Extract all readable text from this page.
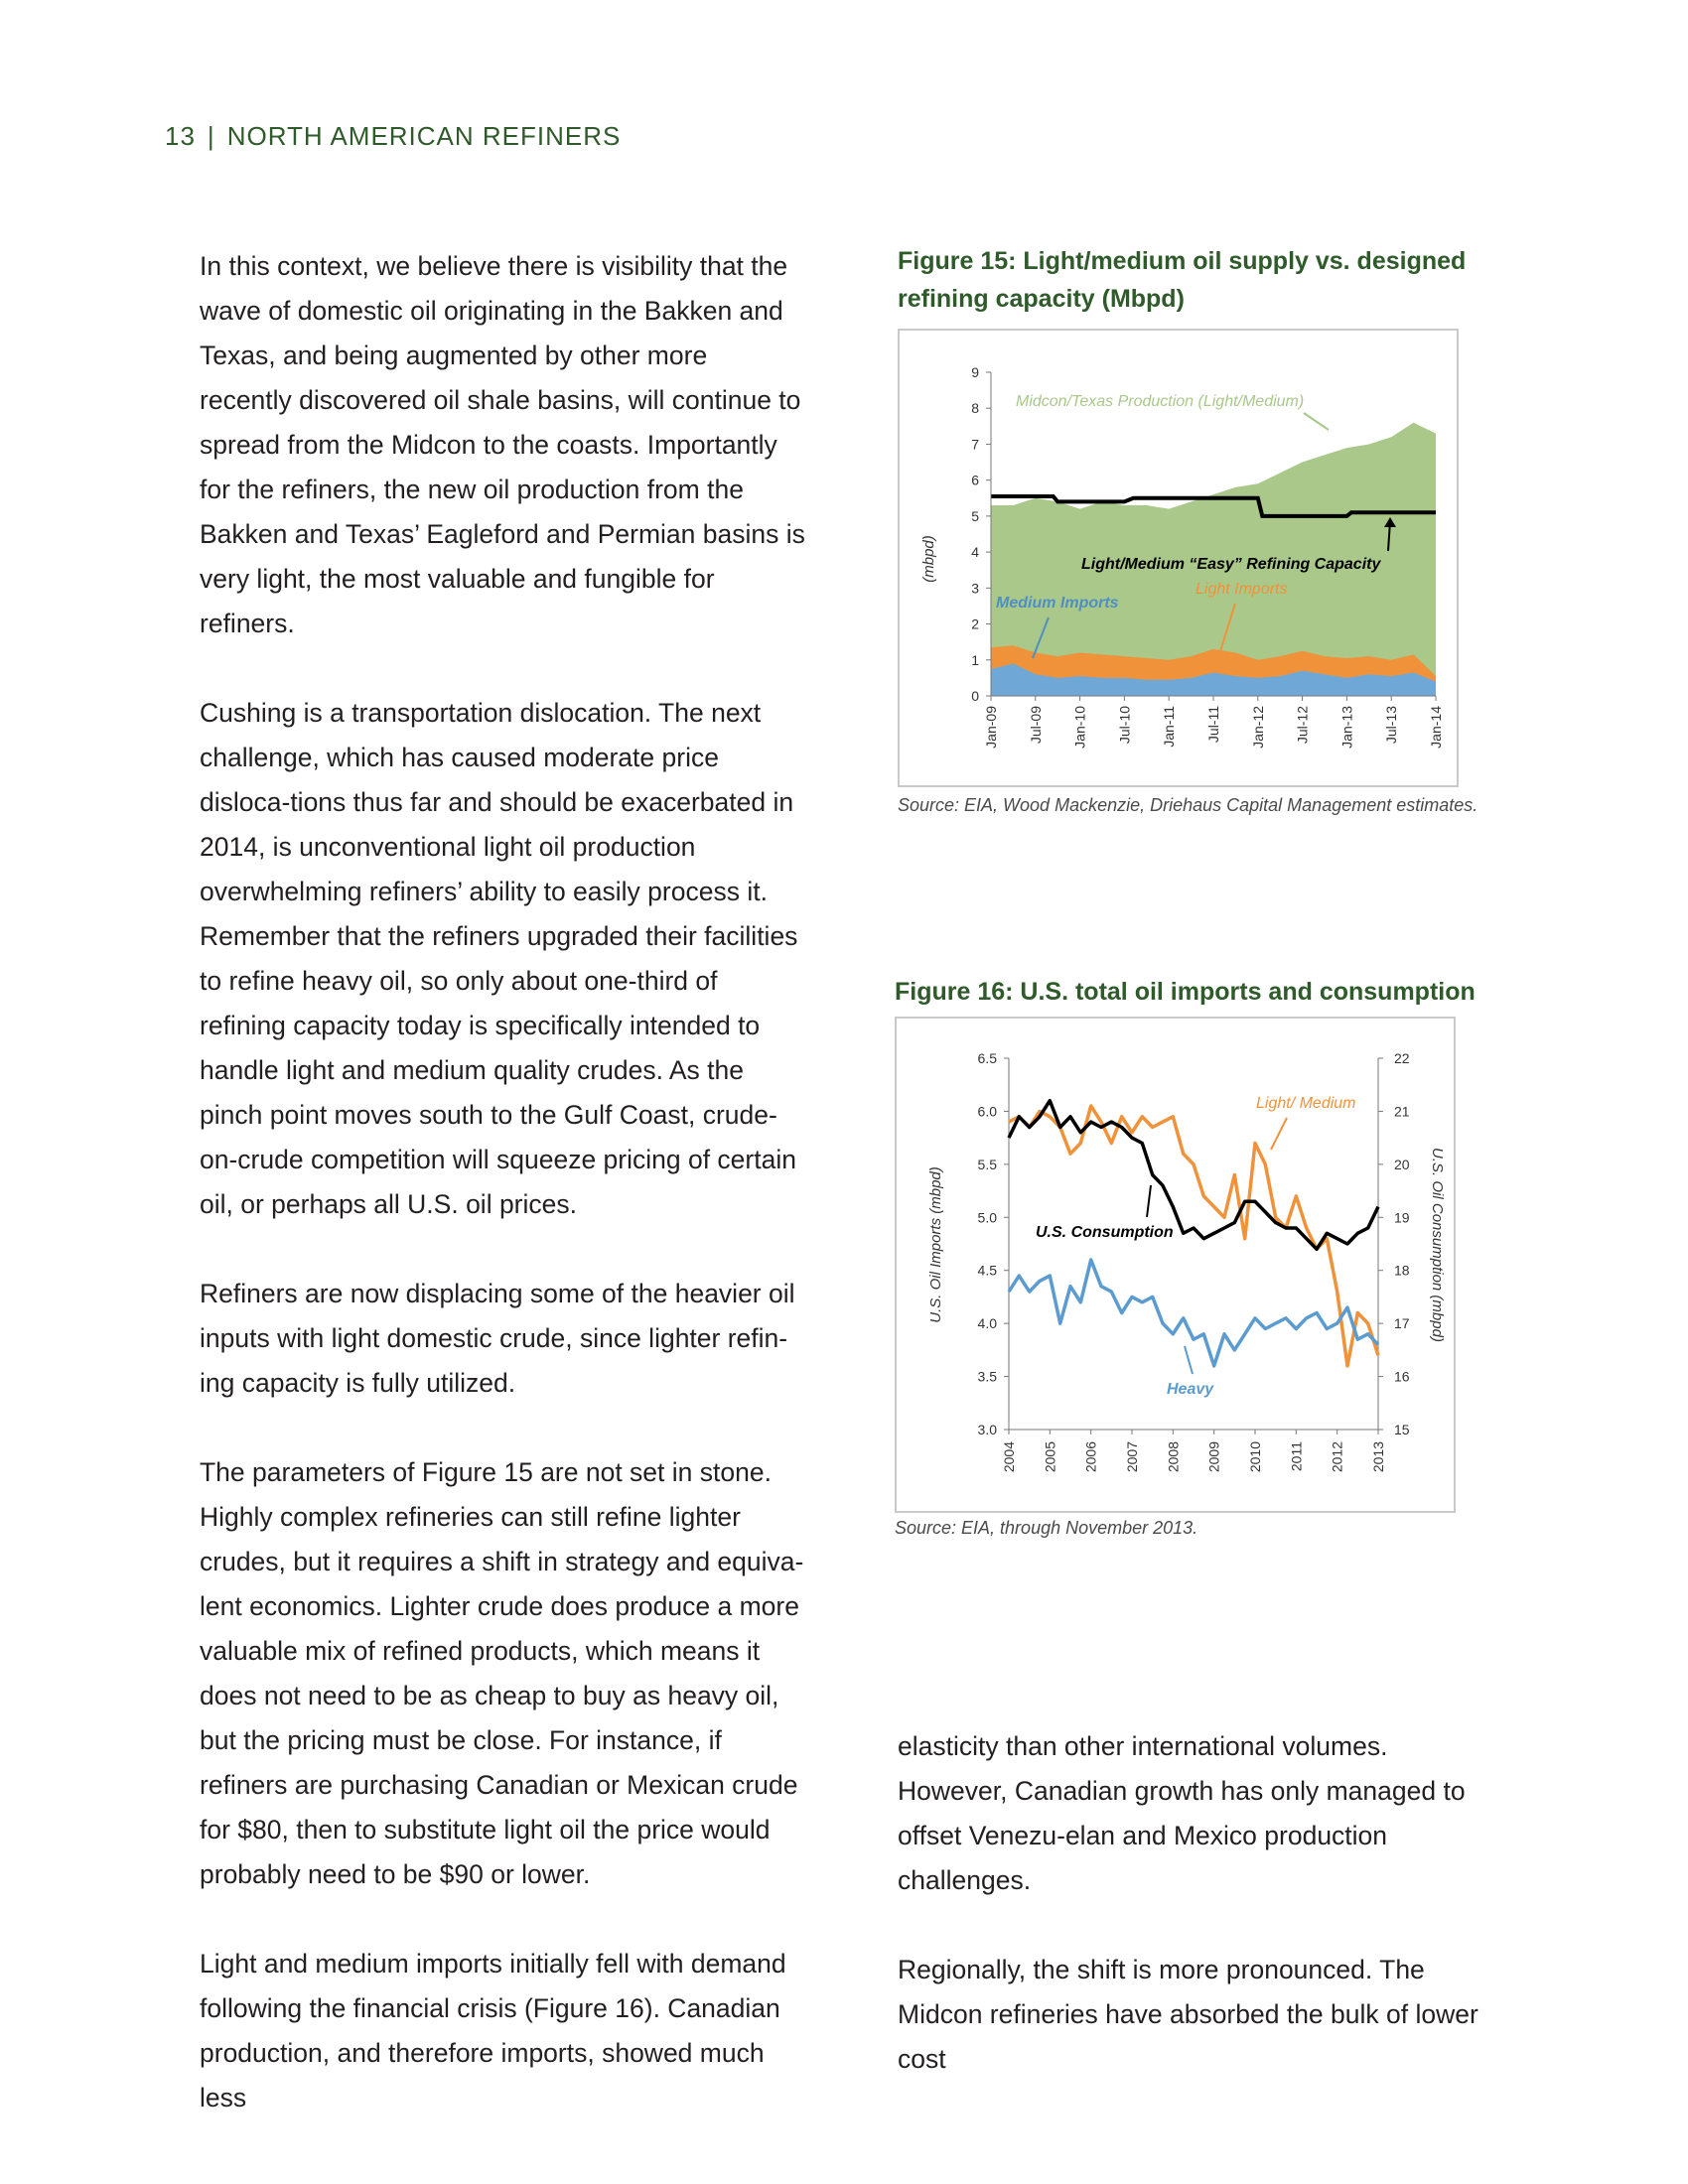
13 | NORTH AMERICAN REFINERS

In this context, we believe there is visibility that the wave of domestic oil originating in the Bakken and Texas, and being augmented by other more recently discovered oil shale basins, will continue to spread from the Midcon to the coasts. Importantly for the refiners, the new oil production from the Bakken and Texas’ Eagleford and Permian basins is very light, the most valuable and fungible for refiners.

Cushing is a transportation dislocation. The next challenge, which has caused moderate price disloca-tions thus far and should be exacerbated in 2014, is unconventional light oil production overwhelming refiners’ ability to easily process it. Remember that the refiners upgraded their facilities to refine heavy oil, so only about one-third of refining capacity today is specifically intended to handle light and medium quality crudes. As the pinch point moves south to the Gulf Coast, crude-on-crude competition will squeeze pricing of certain oil, or perhaps all U.S. oil prices.

Refiners are now displacing some of the heavier oil inputs with light domestic crude, since lighter refin-ing capacity is fully utilized.

The parameters of Figure 15 are not set in stone. Highly complex refineries can still refine lighter crudes, but it requires a shift in strategy and equiva-lent economics. Lighter crude does produce a more valuable mix of refined products, which means it does not need to be as cheap to buy as heavy oil, but the pricing must be close. For instance, if refiners are purchasing Canadian or Mexican crude for $80, then to substitute light oil the price would probably need to be $90 or lower.

Light and medium imports initially fell with demand following the financial crisis (Figure 16). Canadian production, and therefore imports, showed much less

Figure 15: Light/medium oil supply vs. designed refining capacity (Mbpd)
0
1
2
3
4
5
6
7
8
9
Jan-09 Jul-09 Jan-10 Jul-10 Jan-11 Jul-11 Jan-12 Jul-12 Jan-13 Jul-13 Jan-14
(mbpd)
Midcon/Texas Production (Light/Medium)
Light/Medium “Easy” Refining Capacity
Medium Imports
Light Imports
Source: EIA, Wood Mackenzie, Driehaus Capital Management estimates.
Figure 16: U.S. total oil imports and consumption
3.0
3.5
4.0
4.5
5.0
5.5
6.0
6.5
15
16
17
18
19
20
21
22
2004 2005 2006 2007 2008 2009 2010 2011 2012 2013
U.S. Oil Imports (mbpd)	U.S. Oil Consumption (mbpd)
Light/ Medium
U.S. Consumption
Heavy
Source: EIA, through November 2013.

elasticity than other international volumes. However, Canadian growth has only managed to offset Venezu-elan and Mexico production challenges.

Regionally, the shift is more pronounced. The Midcon refineries have absorbed the bulk of lower cost
